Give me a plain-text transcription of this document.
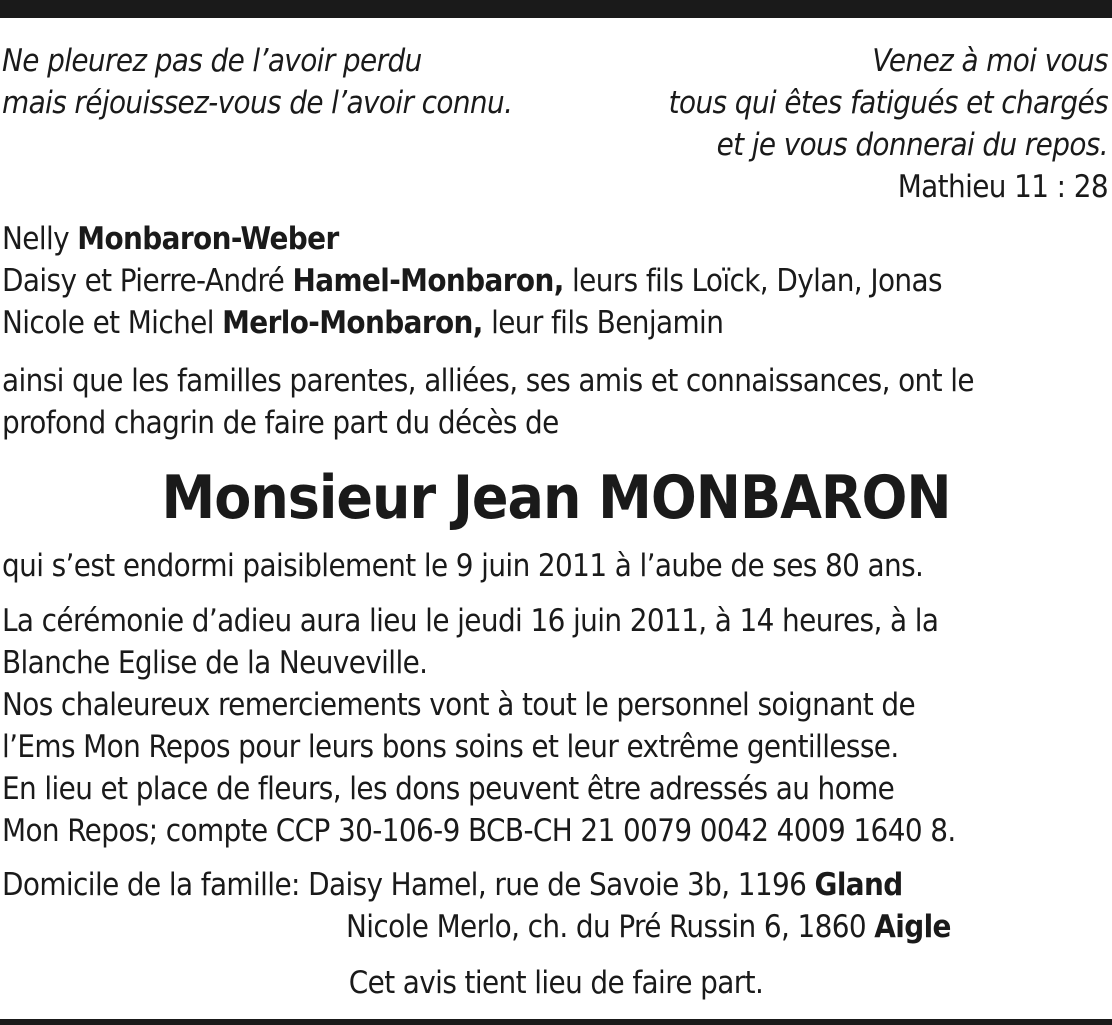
Ne pleurez pas de l’avoir perdu
mais réjouissez-vous de l’avoir connu.
Venez à moi vous
tous qui êtes fatigués et chargés
et je vous donnerai du repos.
Mathieu 11 : 28
Nelly Monbaron-Weber
Daisy et Pierre-André Hamel-Monbaron, leurs fils Loïck, Dylan, Jonas
Nicole et Michel Merlo-Monbaron, leur fils Benjamin
ainsi que les familles parentes, alliées, ses amis et connaissances, ont le
profond chagrin de faire part du décès de
Monsieur Jean MONBARON
qui s’est endormi paisiblement le 9 juin 2011 à l’aube de ses 80 ans.
La cérémonie d’adieu aura lieu le jeudi 16 juin 2011, à 14 heures, à la
Blanche Eglise de la Neuveville.
Nos chaleureux remerciements vont à tout le personnel soignant de
l’Ems Mon Repos pour leurs bons soins et leur extrême gentillesse.
En lieu et place de fleurs, les dons peuvent être adressés au home
Mon Repos; compte CCP 30-106-9 BCB-CH 21 0079 0042 4009 1640 8.
Domicile de la famille: Daisy Hamel, rue de Savoie 3b, 1196 Gland
Nicole Merlo, ch. du Pré Russin 6, 1860 Aigle
Cet avis tient lieu de faire part.
